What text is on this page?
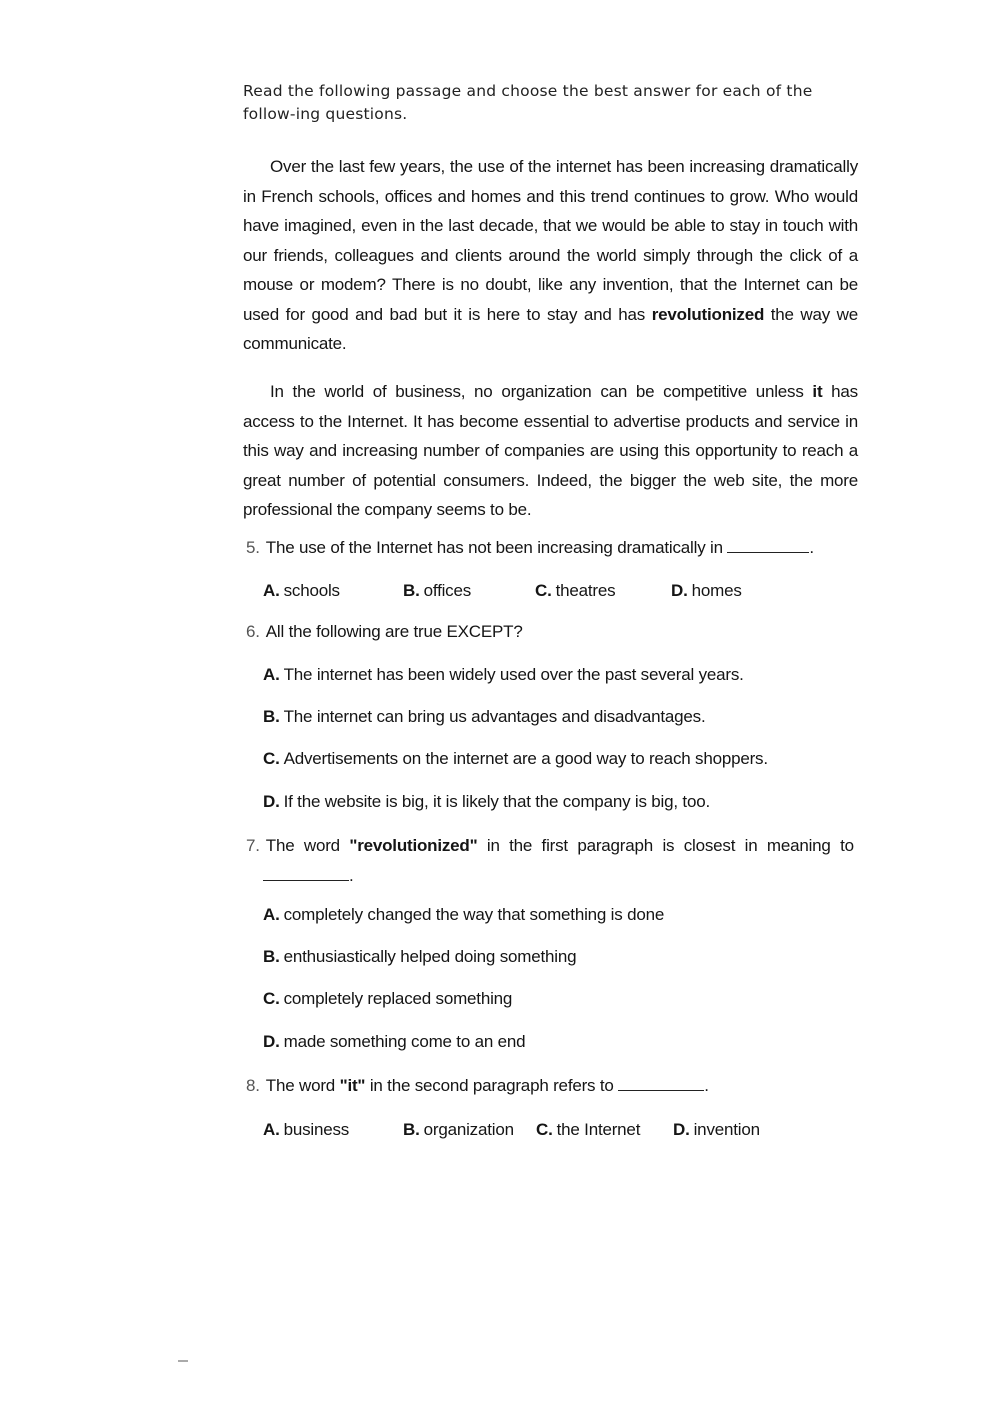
Read the following passage and choose the best answer for each of the follow-ing questions.

Over the last few years, the use of the internet has been increasing dramatically in French schools, offices and homes and this trend continues to grow. Who would have imagined, even in the last decade, that we would be able to stay in touch with our friends, colleagues and clients around the world simply through the click of a mouse or modem? There is no doubt, like any invention, that the Internet can be used for good and bad but it is here to stay and has revolutionized the way we communicate.

In the world of business, no organization can be competitive unless it has access to the Internet. It has become essential to advertise products and service in this way and increasing number of companies are using this opportunity to reach a great number of potential consumers. Indeed, the bigger the web site, the more professional the company seems to be.

5. The use of the Internet has not been increasing dramatically in	.
A. schools	B. offices	C. theatres	D. homes
6. All the following are true EXCEPT?
A. The internet has been widely used over the past several years.
B. The internet can bring us advantages and disadvantages.
C. Advertisements on the internet are a good way to reach shoppers.
D. If the website is big, it is likely that the company is big, too.
7. The word "revolutionized" in the first paragraph is closest in meaning to
.
A. completely changed the way that something is done
B. enthusiastically helped doing something
C. completely replaced something
D. made something come to an end
8. The word "it" in the second paragraph refers to	.
A. business	B. organization C. the Internet D. invention
